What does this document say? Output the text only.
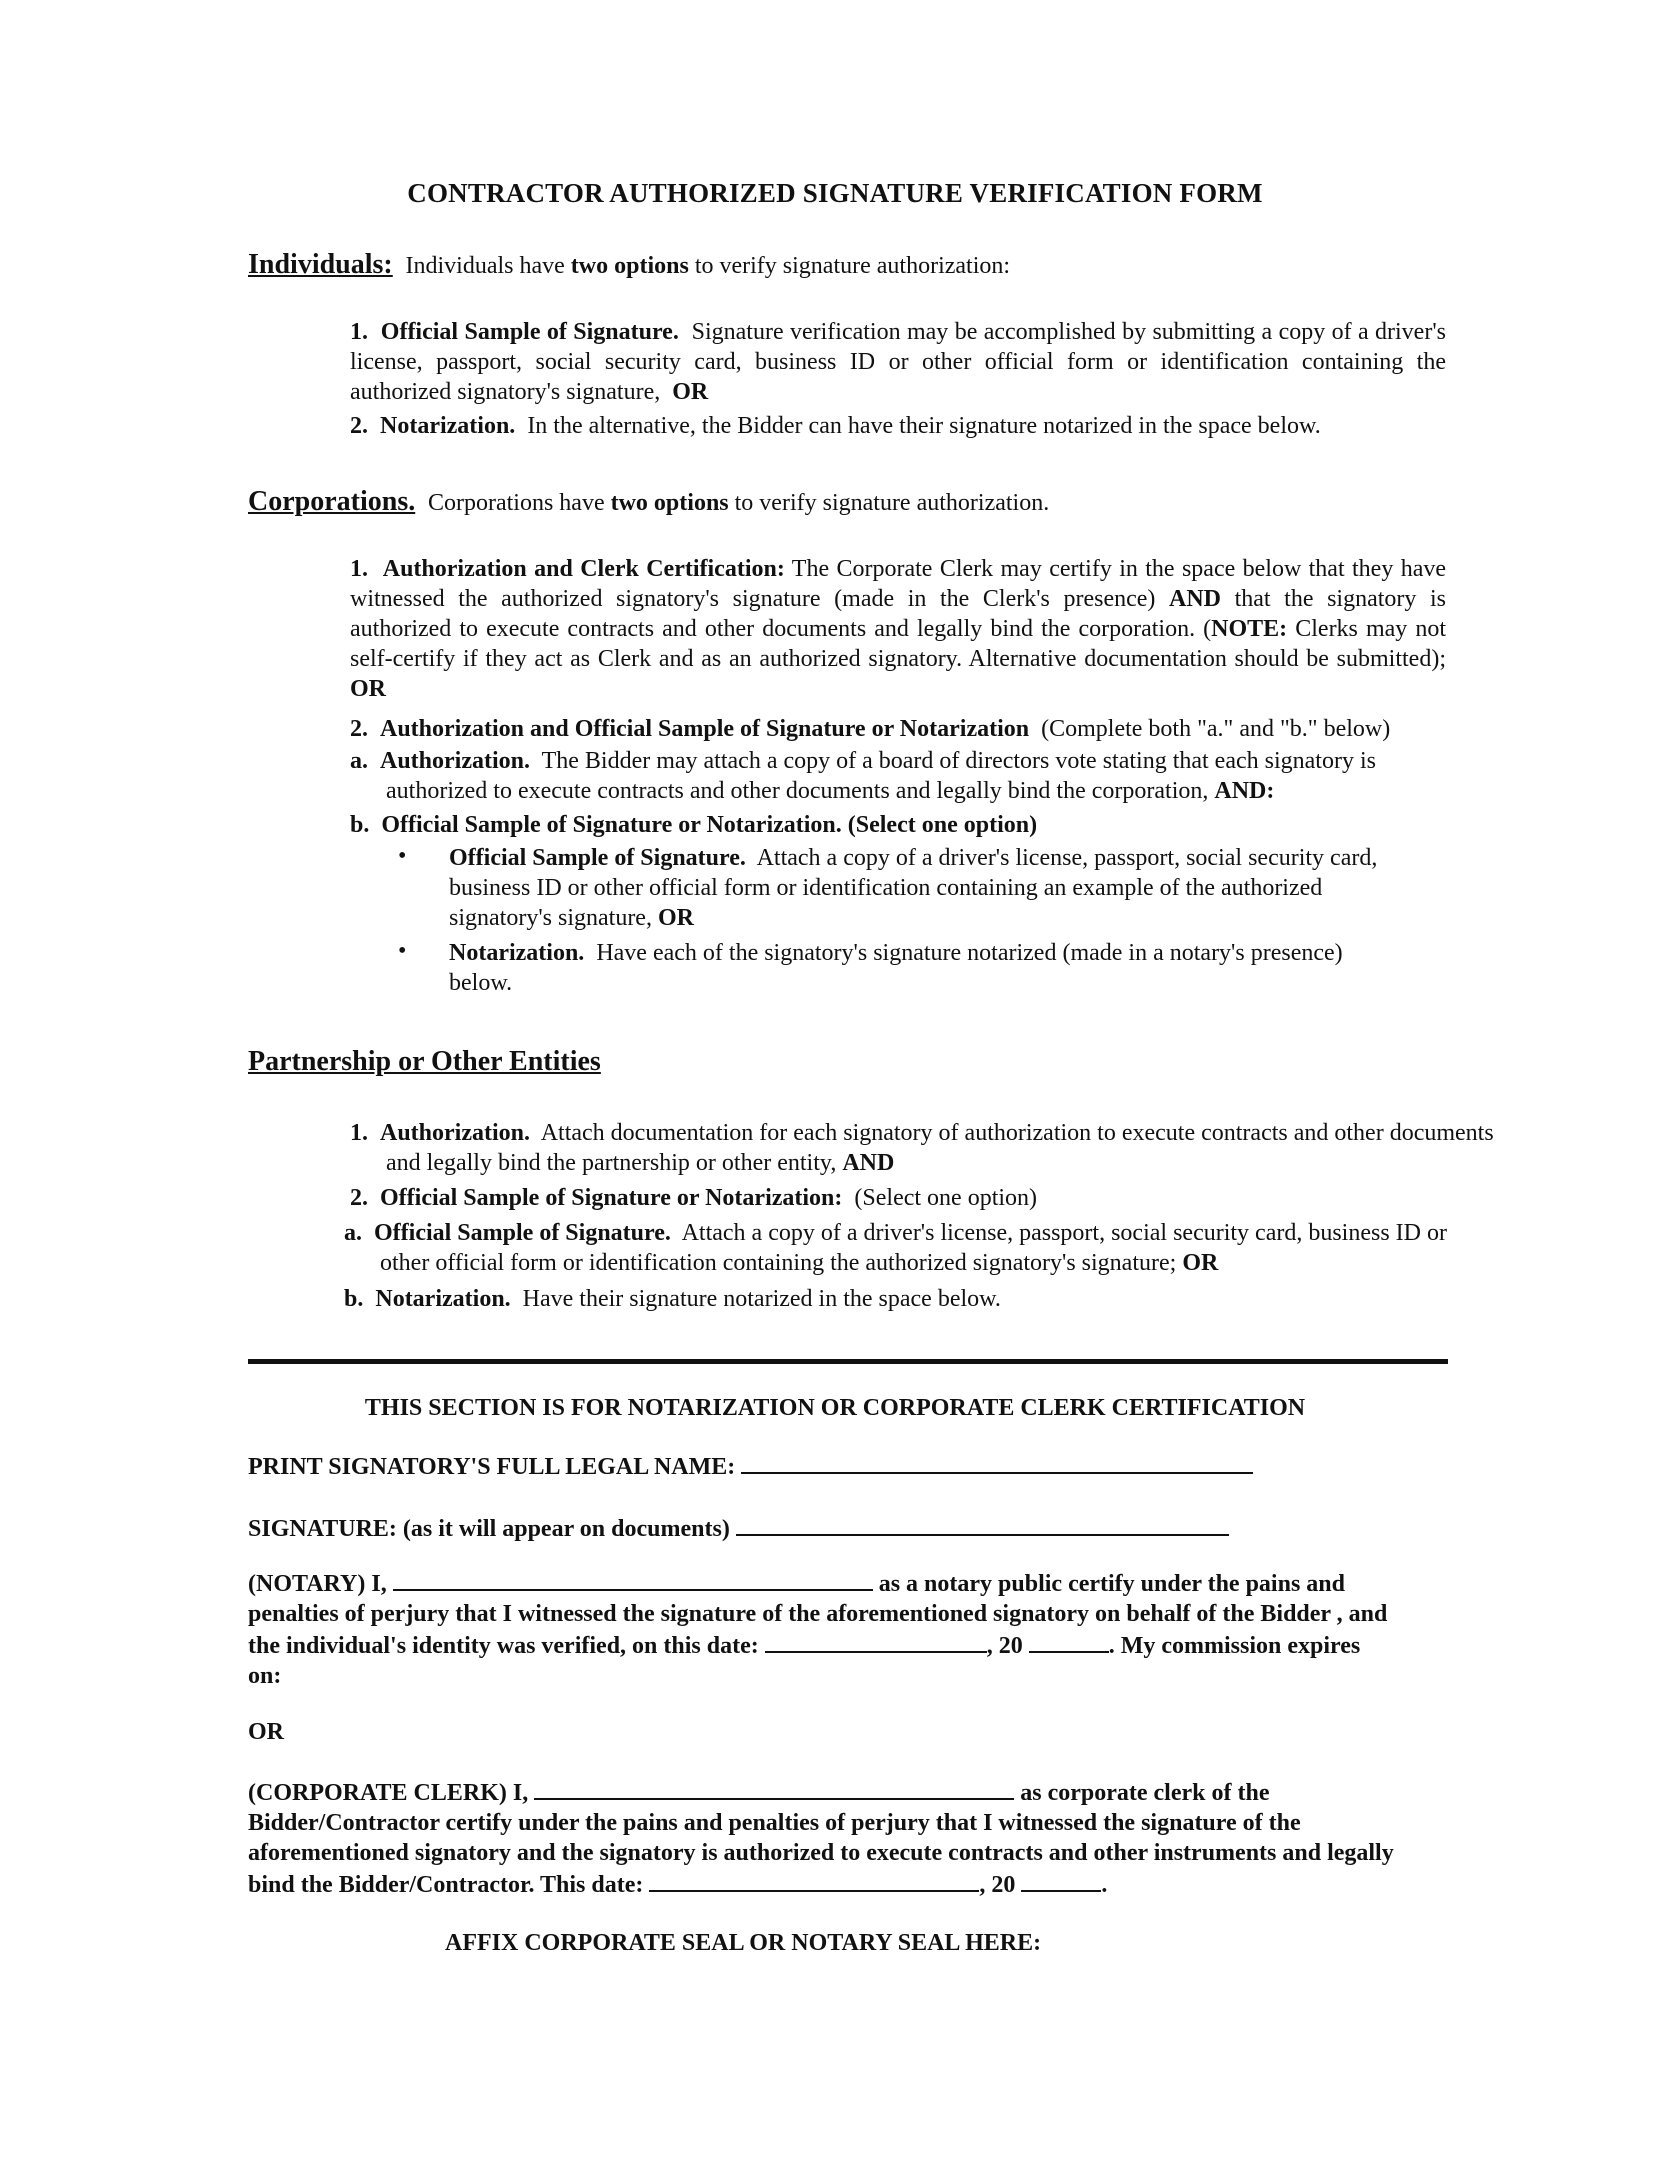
CONTRACTOR AUTHORIZED SIGNATURE VERIFICATION FORM
Individuals: Individuals have two options to verify signature authorization:
1. Official Sample of Signature. Signature verification may be accomplished by submitting a copy of a driver's license, passport, social security card, business ID or other official form or identification containing the authorized signatory's signature, OR
2. Notarization. In the alternative, the Bidder can have their signature notarized in the space below.
Corporations. Corporations have two options to verify signature authorization.
1. Authorization and Clerk Certification: The Corporate Clerk may certify in the space below that they have witnessed the authorized signatory's signature (made in the Clerk's presence) AND that the signatory is authorized to execute contracts and other documents and legally bind the corporation. (NOTE: Clerks may not self-certify if they act as Clerk and as an authorized signatory. Alternative documentation should be submitted); OR
2. Authorization and Official Sample of Signature or Notarization (Complete both "a." and "b." below)
a. Authorization. The Bidder may attach a copy of a board of directors vote stating that each signatory is authorized to execute contracts and other documents and legally bind the corporation, AND:
b. Official Sample of Signature or Notarization. (Select one option)
• Official Sample of Signature. Attach a copy of a driver's license, passport, social security card, business ID or other official form or identification containing an example of the authorized signatory's signature, OR
• Notarization. Have each of the signatory's signature notarized (made in a notary's presence) below.
Partnership or Other Entities
1. Authorization. Attach documentation for each signatory of authorization to execute contracts and other documents and legally bind the partnership or other entity, AND
2. Official Sample of Signature or Notarization: (Select one option)
a. Official Sample of Signature. Attach a copy of a driver's license, passport, social security card, business ID or other official form or identification containing the authorized signatory's signature; OR
b. Notarization. Have their signature notarized in the space below.
THIS SECTION IS FOR NOTARIZATION OR CORPORATE CLERK CERTIFICATION
PRINT SIGNATORY'S FULL LEGAL NAME:
SIGNATURE: (as it will appear on documents)
(NOTARY) I,	as a notary public certify under the pains and
penalties of perjury that I witnessed the signature of the aforementioned signatory on behalf of the Bidder , and
the individual's identity was verified, on this date:	, 20	. My commission expires
on:
OR
(CORPORATE CLERK) I,	as corporate clerk of the
Bidder/Contractor certify under the pains and penalties of perjury that I witnessed the signature of the
aforementioned signatory and the signatory is authorized to execute contracts and other instruments and legally
bind the Bidder/Contractor. This date:	, 20	.
AFFIX CORPORATE SEAL OR NOTARY SEAL HERE:
